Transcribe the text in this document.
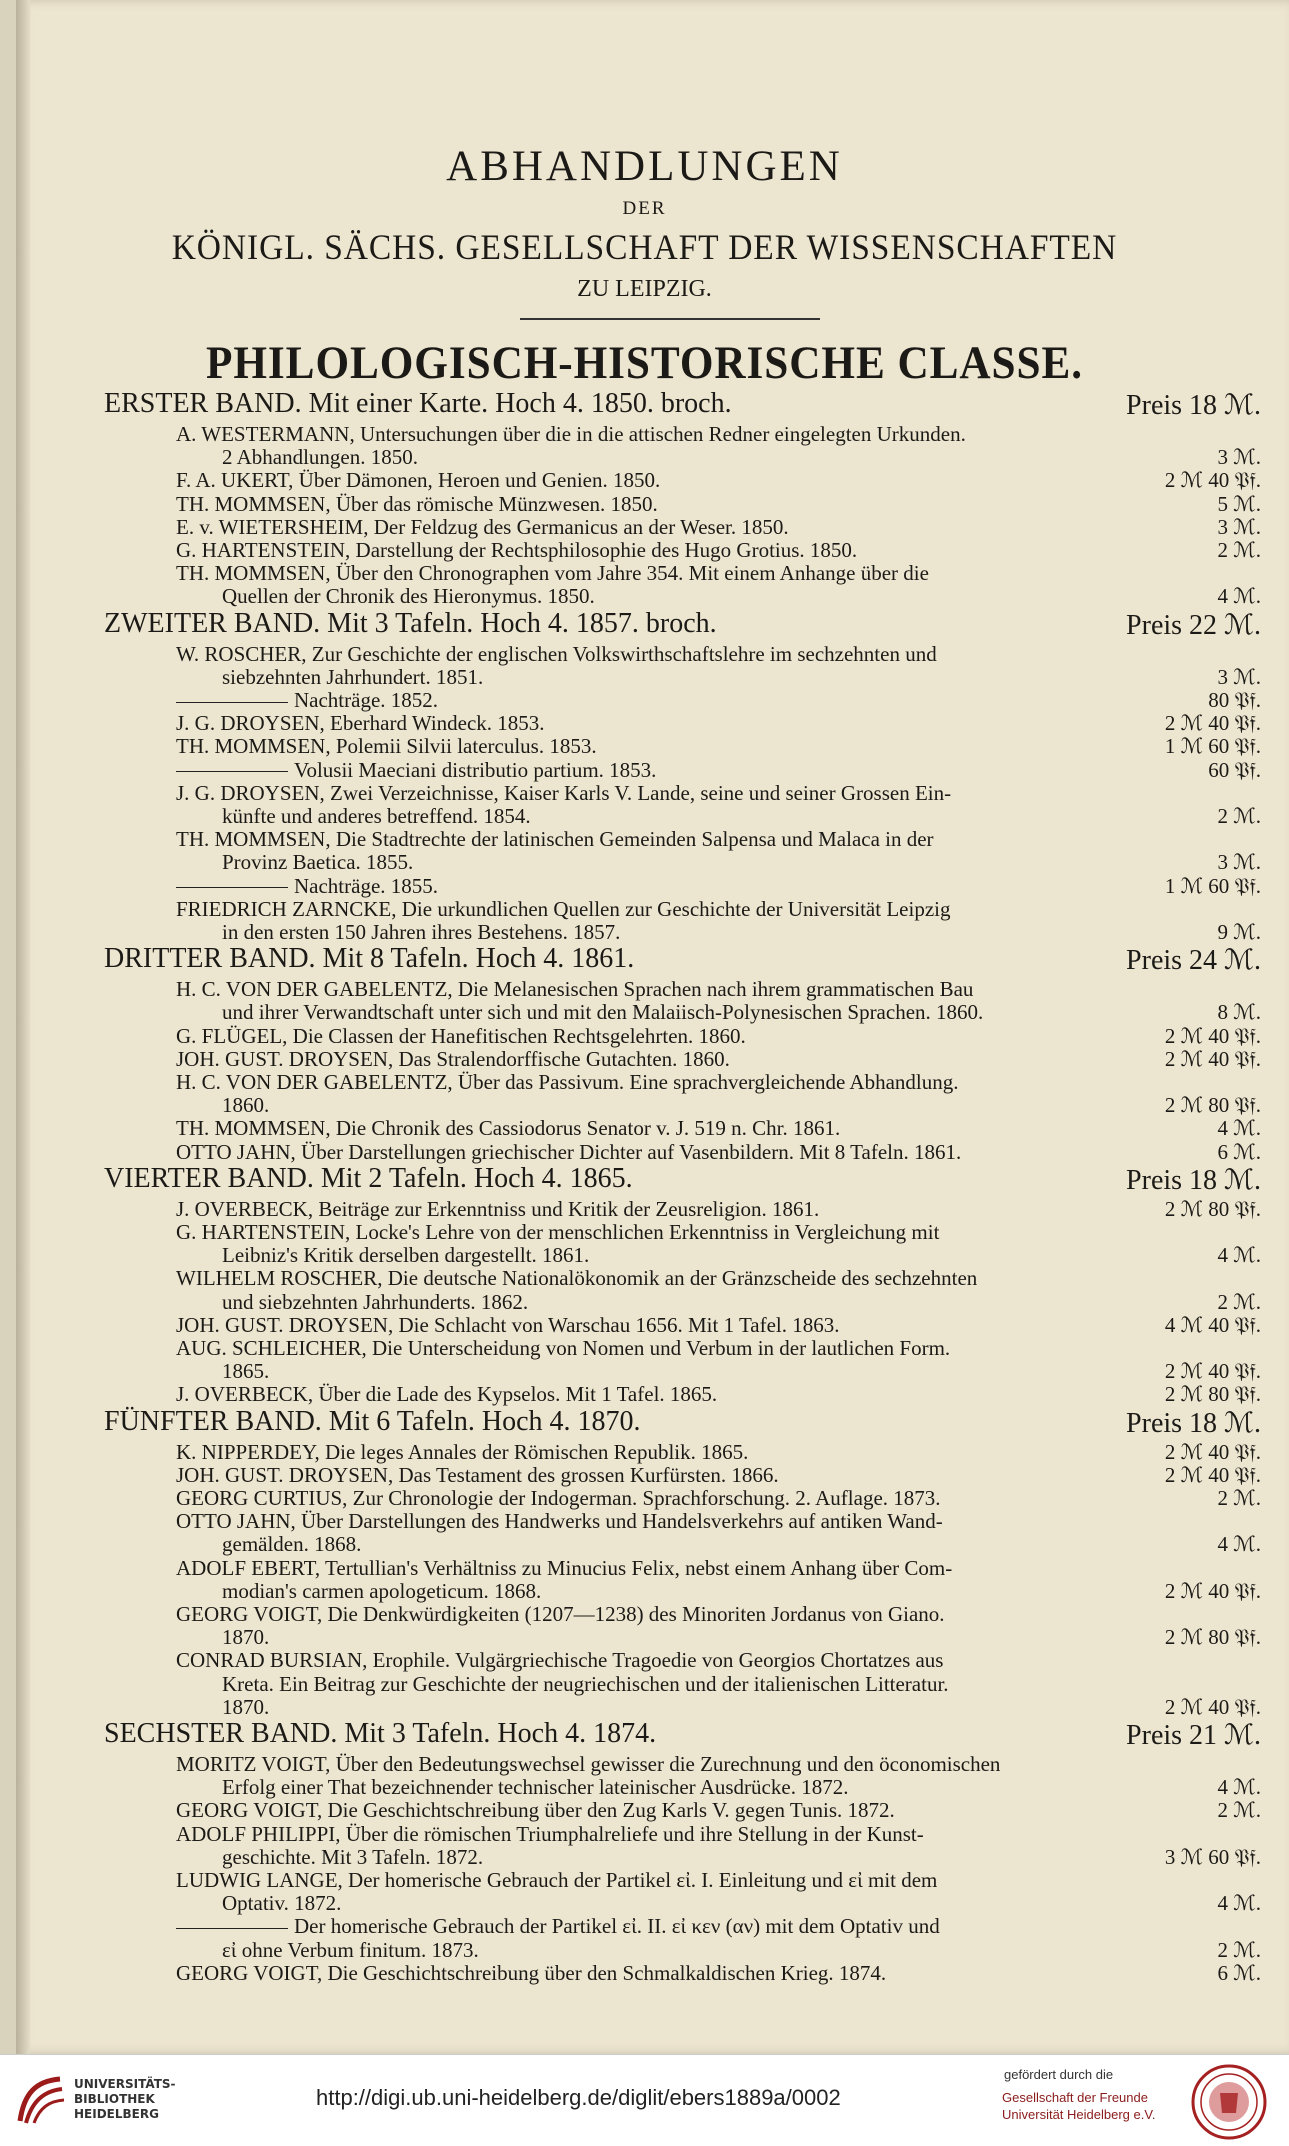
ABHANDLUNGEN
DER
KÖNIGL. SÄCHS. GESELLSCHAFT DER WISSENSCHAFTEN
ZU LEIPZIG.
PHILOLOGISCH-HISTORISCHE CLASSE.
ERSTER BAND. Mit einer Karte. Hoch 4. 1850. broch.	Preis 18 ℳ.
A. WESTERMANN, Untersuchungen über die in die attischen Redner eingelegten Urkunden.
2 Abhandlungen. 1850.	3 ℳ.
F. A. UKERT, Über Dämonen, Heroen und Genien. 1850.	2 ℳ 40 𝔓𝔣.
TH. MOMMSEN, Über das römische Münzwesen. 1850.	5 ℳ.
E. v. WIETERSHEIM, Der Feldzug des Germanicus an der Weser. 1850.	3 ℳ.
G. HARTENSTEIN, Darstellung der Rechtsphilosophie des Hugo Grotius. 1850.	2 ℳ.
TH. MOMMSEN, Über den Chronographen vom Jahre 354. Mit einem Anhange über die
Quellen der Chronik des Hieronymus. 1850.	4 ℳ.
ZWEITER BAND. Mit 3 Tafeln. Hoch 4. 1857. broch.	Preis 22 ℳ.
W. ROSCHER, Zur Geschichte der englischen Volkswirthschaftslehre im sechzehnten und
siebzehnten Jahrhundert. 1851.	3 ℳ.
Nachträge. 1852.	80 𝔓𝔣.
J. G. DROYSEN, Eberhard Windeck. 1853.	2 ℳ 40 𝔓𝔣.
TH. MOMMSEN, Polemii Silvii laterculus. 1853.	1 ℳ 60 𝔓𝔣.
Volusii Maeciani distributio partium. 1853.	60 𝔓𝔣.
J. G. DROYSEN, Zwei Verzeichnisse, Kaiser Karls V. Lande, seine und seiner Grossen Ein-
künfte und anderes betreffend. 1854.	2 ℳ.
TH. MOMMSEN, Die Stadtrechte der latinischen Gemeinden Salpensa und Malaca in der
Provinz Baetica. 1855.	3 ℳ.
Nachträge. 1855.	1 ℳ 60 𝔓𝔣.
FRIEDRICH ZARNCKE, Die urkundlichen Quellen zur Geschichte der Universität Leipzig
in den ersten 150 Jahren ihres Bestehens. 1857.	9 ℳ.
DRITTER BAND. Mit 8 Tafeln. Hoch 4. 1861.	Preis 24 ℳ.
H. C. VON DER GABELENTZ, Die Melanesischen Sprachen nach ihrem grammatischen Bau
und ihrer Verwandtschaft unter sich und mit den Malaiisch-Polynesischen Sprachen. 1860.	8 ℳ.
G. FLÜGEL, Die Classen der Hanefitischen Rechtsgelehrten. 1860.	2 ℳ 40 𝔓𝔣.
JOH. GUST. DROYSEN, Das Stralendorffische Gutachten. 1860.	2 ℳ 40 𝔓𝔣.
H. C. VON DER GABELENTZ, Über das Passivum. Eine sprachvergleichende Abhandlung.
1860.	2 ℳ 80 𝔓𝔣.
TH. MOMMSEN, Die Chronik des Cassiodorus Senator v. J. 519 n. Chr. 1861.	4 ℳ.
OTTO JAHN, Über Darstellungen griechischer Dichter auf Vasenbildern. Mit 8 Tafeln. 1861.	6 ℳ.
VIERTER BAND. Mit 2 Tafeln. Hoch 4. 1865.	Preis 18 ℳ.
J. OVERBECK, Beiträge zur Erkenntniss und Kritik der Zeusreligion. 1861.	2 ℳ 80 𝔓𝔣.
G. HARTENSTEIN, Locke's Lehre von der menschlichen Erkenntniss in Vergleichung mit
Leibniz's Kritik derselben dargestellt. 1861.	4 ℳ.
WILHELM ROSCHER, Die deutsche Nationalökonomik an der Gränzscheide des sechzehnten
und siebzehnten Jahrhunderts. 1862.	2 ℳ.
JOH. GUST. DROYSEN, Die Schlacht von Warschau 1656. Mit 1 Tafel. 1863.	4 ℳ 40 𝔓𝔣.
AUG. SCHLEICHER, Die Unterscheidung von Nomen und Verbum in der lautlichen Form.
1865.	2 ℳ 40 𝔓𝔣.
J. OVERBECK, Über die Lade des Kypselos. Mit 1 Tafel. 1865.	2 ℳ 80 𝔓𝔣.
FÜNFTER BAND. Mit 6 Tafeln. Hoch 4. 1870.	Preis 18 ℳ.
K. NIPPERDEY, Die leges Annales der Römischen Republik. 1865.	2 ℳ 40 𝔓𝔣.
JOH. GUST. DROYSEN, Das Testament des grossen Kurfürsten. 1866.	2 ℳ 40 𝔓𝔣.
GEORG CURTIUS, Zur Chronologie der Indogerman. Sprachforschung. 2. Auflage. 1873.	2 ℳ.
OTTO JAHN, Über Darstellungen des Handwerks und Handelsverkehrs auf antiken Wand-
gemälden. 1868.	4 ℳ.
ADOLF EBERT, Tertullian's Verhältniss zu Minucius Felix, nebst einem Anhang über Com-
modian's carmen apologeticum. 1868.	2 ℳ 40 𝔓𝔣.
GEORG VOIGT, Die Denkwürdigkeiten (1207—1238) des Minoriten Jordanus von Giano.
1870.	2 ℳ 80 𝔓𝔣.
CONRAD BURSIAN, Erophile. Vulgärgriechische Tragoedie von Georgios Chortatzes aus
Kreta. Ein Beitrag zur Geschichte der neugriechischen und der italienischen Litteratur.
1870.	2 ℳ 40 𝔓𝔣.
SECHSTER BAND. Mit 3 Tafeln. Hoch 4. 1874.	Preis 21 ℳ.
MORITZ VOIGT, Über den Bedeutungswechsel gewisser die Zurechnung und den öconomischen
Erfolg einer That bezeichnender technischer lateinischer Ausdrücke. 1872.	4 ℳ.
GEORG VOIGT, Die Geschichtschreibung über den Zug Karls V. gegen Tunis. 1872.	2 ℳ.
ADOLF PHILIPPI, Über die römischen Triumphalreliefe und ihre Stellung in der Kunst-
geschichte. Mit 3 Tafeln. 1872.	3 ℳ 60 𝔓𝔣.
LUDWIG LANGE, Der homerische Gebrauch der Partikel εἰ. I. Einleitung und εἰ mit dem
Optativ. 1872.	4 ℳ.
Der homerische Gebrauch der Partikel εἰ. II. εἰ κεν (αν) mit dem Optativ und
εἰ ohne Verbum finitum. 1873.	2 ℳ.
GEORG VOIGT, Die Geschichtschreibung über den Schmalkaldischen Krieg. 1874.	6 ℳ.
UNIVERSITÄTS-
BIBLIOTHEK
HEIDELBERG
http://digi.ub.uni-heidelberg.de/diglit/ebers1889a/0002
gefördert durch die
Gesellschaft der Freunde
Universität Heidelberg e.V.
